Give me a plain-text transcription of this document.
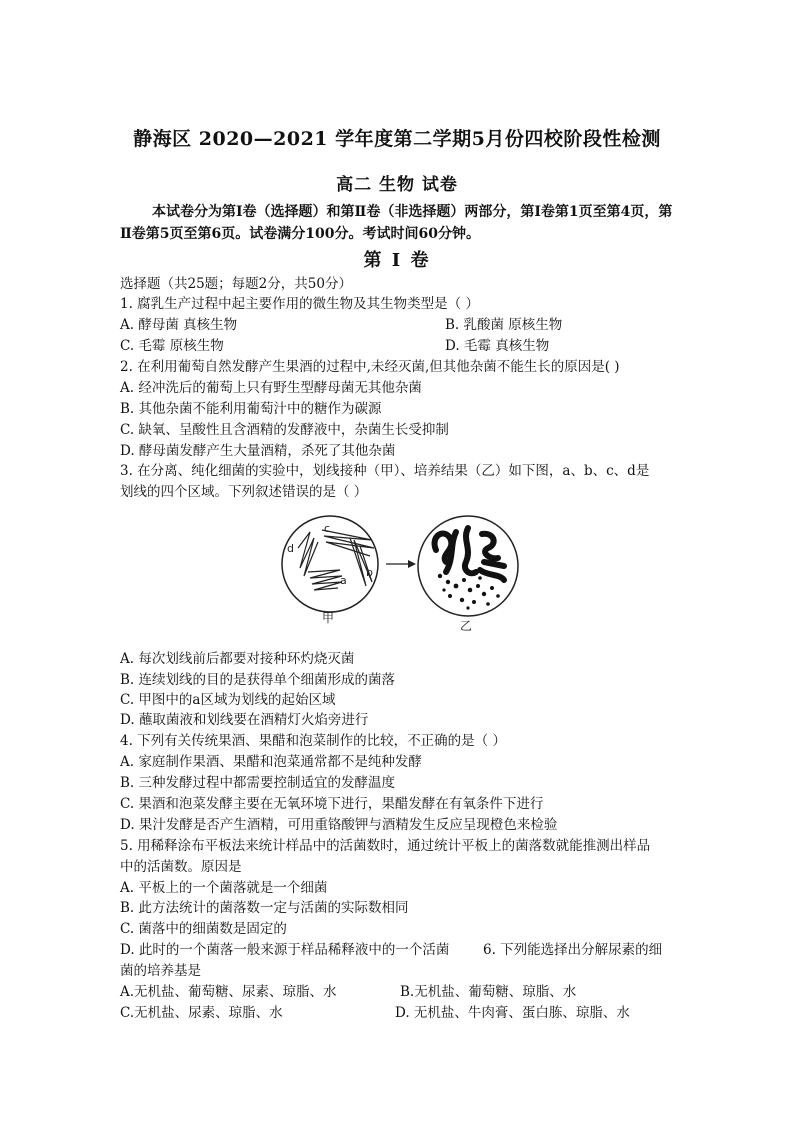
静海区 2020—2021 学年度第二学期5月份四校阶段性检测
高二 生物 试卷
本试卷分为第Ⅰ卷（选择题）和第Ⅱ卷（非选择题）两部分，第Ⅰ卷第1页至第4页，第Ⅱ卷第5页至第6页。试卷满分100分。考试时间60分钟。
第 Ⅰ 卷
选择题（共25题；每题2分，共50分）
1. 腐乳生产过程中起主要作用的微生物及其生物类型是（ ）
A. 酵母菌 真核生物	B. 乳酸菌 原核生物
C. 毛霉 原核生物	D. 毛霉 真核生物
2. 在利用葡萄自然发酵产生果酒的过程中,未经灭菌,但其他杂菌不能生长的原因是( )
A. 经冲洗后的葡萄上只有野生型酵母菌无其他杂菌
B. 其他杂菌不能利用葡萄汁中的糖作为碳源
C. 缺氧、呈酸性且含酒精的发酵液中，杂菌生长受抑制
D. 酵母菌发酵产生大量酒精，杀死了其他杂菌
3. 在分离、纯化细菌的实验中，划线接种（甲）、培养结果（乙）如下图，a、b、c、d是
划线的四个区域。下列叙述错误的是（ ）
a
b
c
d
甲
乙
A. 每次划线前后都要对接种环灼烧灭菌
B. 连续划线的目的是获得单个细菌形成的菌落
C. 甲图中的a区域为划线的起始区域
D. 蘸取菌液和划线要在酒精灯火焰旁进行
4. 下列有关传统果酒、果醋和泡菜制作的比较，不正确的是（ ）
A. 家庭制作果酒、果醋和泡菜通常都不是纯种发酵
B. 三种发酵过程中都需要控制适宜的发酵温度
C. 果酒和泡菜发酵主要在无氧环境下进行，果醋发酵在有氧条件下进行
D. 果汁发酵是否产生酒精，可用重铬酸钾与酒精发生反应呈现橙色来检验
5. 用稀释涂布平板法来统计样品中的活菌数时，通过统计平板上的菌落数就能推测出样品
中的活菌数。原因是
A. 平板上的一个菌落就是一个细菌
B. 此方法统计的菌落数一定与活菌的实际数相同
C. 菌落中的细菌数是固定的
D. 此时的一个菌落一般来源于样品稀释液中的一个活菌 6. 下列能选择出分解尿素的细
菌的培养基是
A.无机盐、葡萄糖、尿素、琼脂、水	B.无机盐、葡萄糖、琼脂、水
C.无机盐、尿素、琼脂、水	D. 无机盐、牛肉膏、蛋白胨、琼脂、水
